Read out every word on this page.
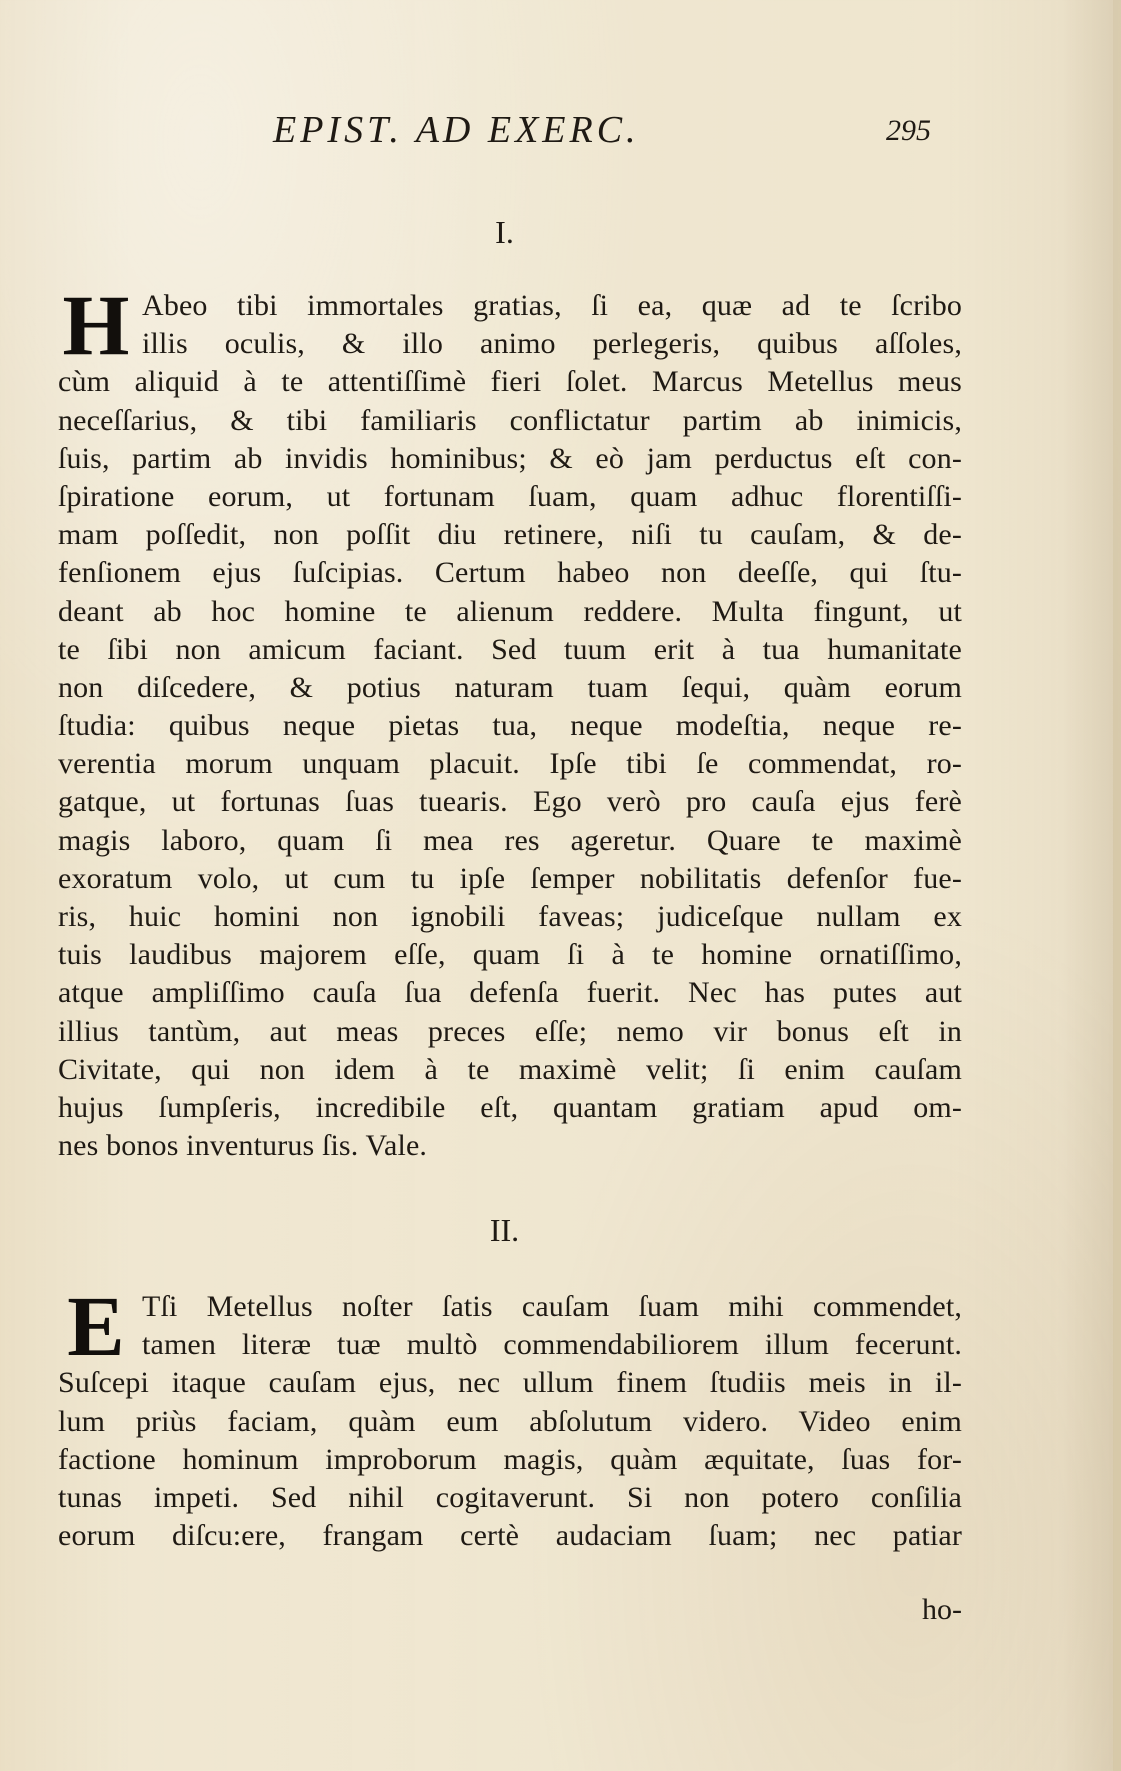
EPIST. AD EXERC.	295
I.
H Abeo tibi immortales gratias, ſi ea, quæ ad te ſcribo
illis oculis, & illo animo perlegeris, quibus aſſoles,
cùm aliquid à te attentiſſimè fieri ſolet. Marcus Metellus meus
neceſſarius, & tibi familiaris conflictatur partim ab inimicis,
ſuis, partim ab invidis hominibus; & eò jam perductus eſt con-
ſpiratione eorum, ut fortunam ſuam, quam adhuc florentiſſi-
mam poſſedit, non poſſit diu retinere, niſi tu cauſam, & de-
fenſionem ejus ſuſcipias. Certum habeo non deeſſe, qui ſtu-
deant ab hoc homine te alienum reddere. Multa fingunt, ut
te ſibi non amicum faciant. Sed tuum erit à tua humanitate
non diſcedere, & potius naturam tuam ſequi, quàm eorum
ſtudia: quibus neque pietas tua, neque modeſtia, neque re-
verentia morum unquam placuit. Ipſe tibi ſe commendat, ro-
gatque, ut fortunas ſuas tuearis. Ego verò pro cauſa ejus ferè
magis laboro, quam ſi mea res ageretur. Quare te maximè
exoratum volo, ut cum tu ipſe ſemper nobilitatis defenſor fue-
ris, huic homini non ignobili faveas; judiceſque nullam ex
tuis laudibus majorem eſſe, quam ſi à te homine ornatiſſimo,
atque ampliſſimo cauſa ſua defenſa fuerit. Nec has putes aut
illius tantùm, aut meas preces eſſe; nemo vir bonus eſt in
Civitate, qui non idem à te maximè velit; ſi enim cauſam
hujus ſumpſeris, incredibile eſt, quantam gratiam apud om-
nes bonos inventurus ſis. Vale.
II.
E Tſi Metellus noſter ſatis cauſam ſuam mihi commendet,
tamen literæ tuæ multò commendabiliorem illum fecerunt.
Suſcepi itaque cauſam ejus, nec ullum finem ſtudiis meis in il-
lum priùs faciam, quàm eum abſolutum videro. Video enim
factione hominum improborum magis, quàm æquitate, ſuas for-
tunas impeti. Sed nihil cogitaverunt. Si non potero conſilia
eorum diſcu:ere, frangam certè audaciam ſuam; nec patiar
ho-
